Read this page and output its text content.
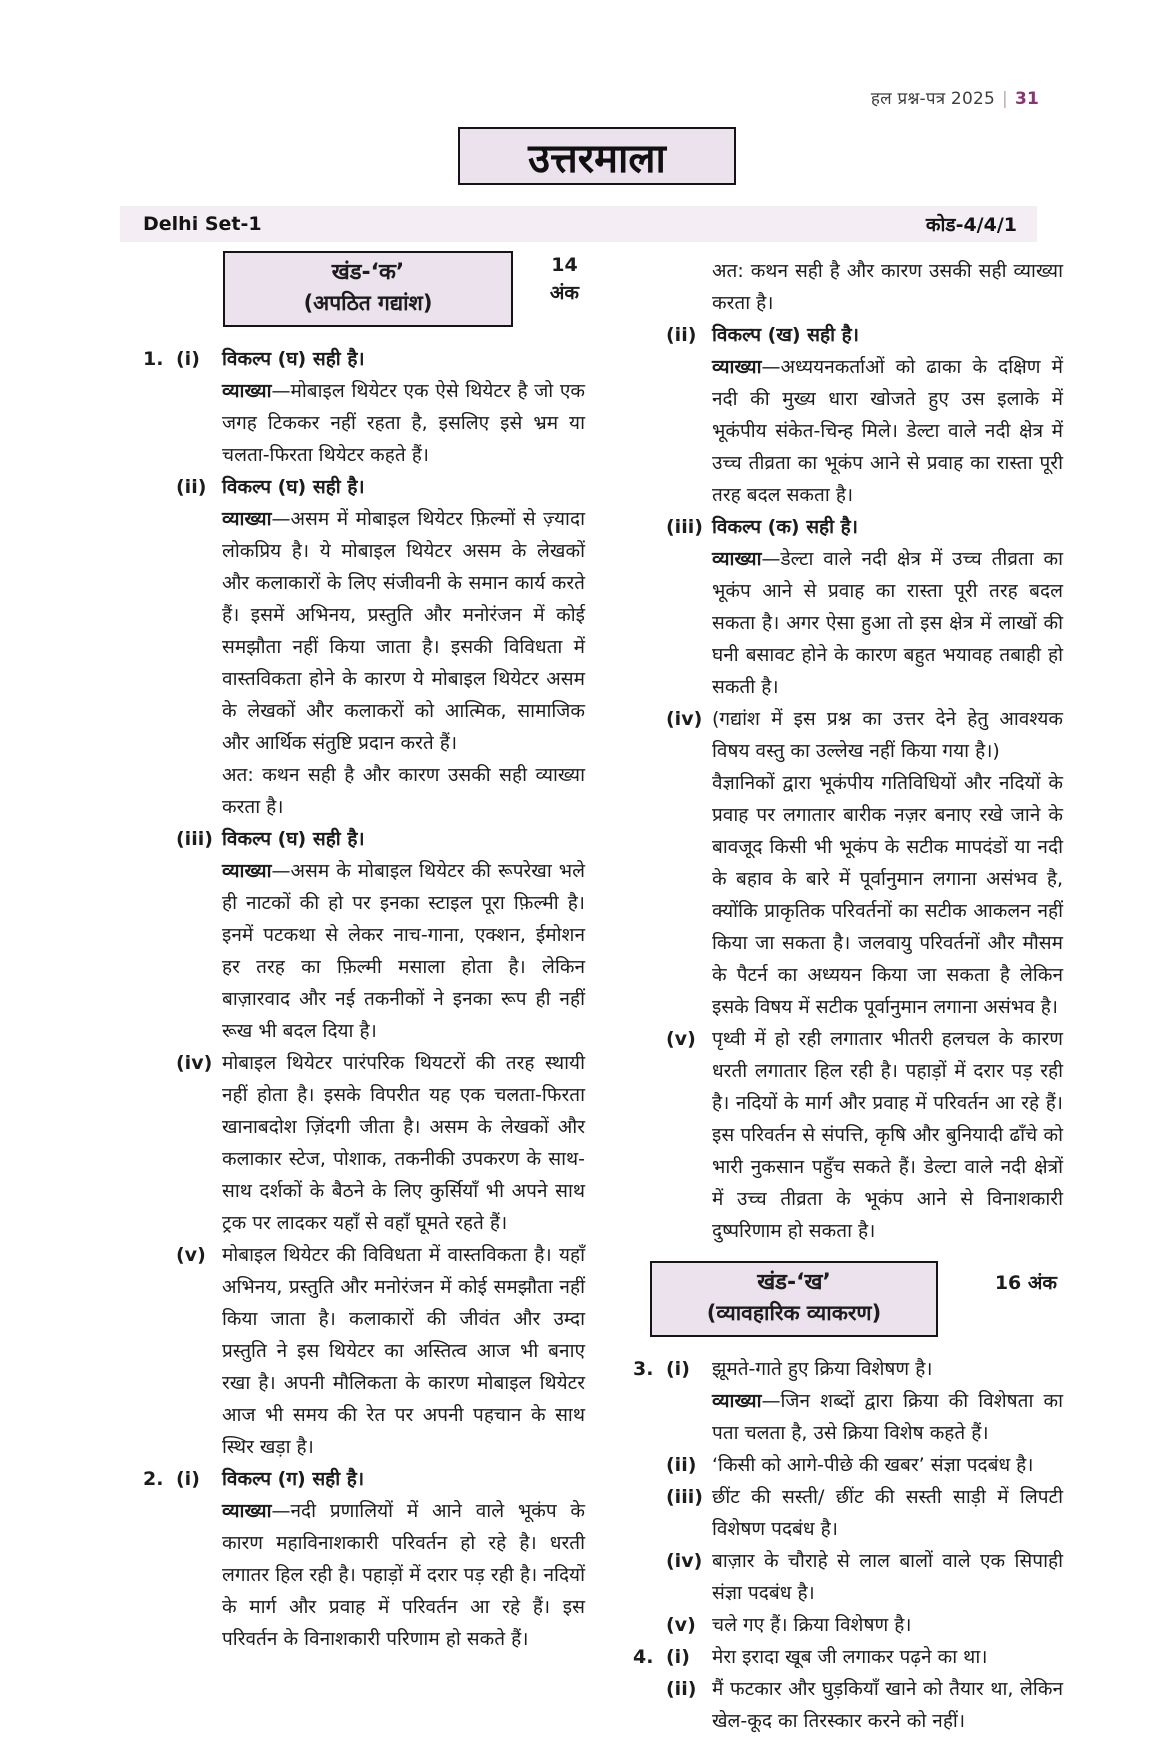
हल प्रश्न-पत्र 2025 | 31
उत्तरमाला
Delhi Set-1	कोड-4/4/1
खंड-‘क’
(अपठित गद्यांश)
14
अंक
1. (i)	विकल्प (घ) सही है।

व्याख्या—मोबाइल थियेटर एक ऐसे थियेटर है जो एक जगह टिककर नहीं रहता है, इसलिए इसे भ्रम या चलता-फिरता थियेटर कहते हैं।

(ii) विकल्प (घ) सही है।

व्याख्या—असम में मोबाइल थियेटर फ़िल्मों से ज़्यादा लोकप्रिय है। ये मोबाइल थियेटर असम के लेखकों और कलाकारों के लिए संजीवनी के समान कार्य करते हैं। इसमें अभिनय, प्रस्तुति और मनोरंजन में कोई समझौता नहीं किया जाता है। इसकी विविधता में वास्तविकता होने के कारण ये मोबाइल थियेटर असम के लेखकों और कलाकरों को आत्मिक, सामाजिक और आर्थिक संतुष्टि प्रदान करते हैं।

अत: कथन सही है और कारण उसकी सही व्याख्या करता है।

(iii) विकल्प (घ) सही है।

व्याख्या—असम के मोबाइल थियेटर की रूपरेखा भले ही नाटकों की हो पर इनका स्टाइल पूरा फ़िल्मी है। इनमें पटकथा से लेकर नाच-गाना, एक्शन, ईमोशन हर तरह का फ़िल्मी मसाला होता है। लेकिन बाज़ारवाद और नई तकनीकों ने इनका रूप ही नहीं रूख भी बदल दिया है।

(iv) मोबाइल थियेटर पारंपरिक थियटरों की तरह स्थायी नहीं होता है। इसके विपरीत यह एक चलता-फिरता खानाबदोश ज़िंदगी जीता है। असम के लेखकों और कलाकार स्टेज, पोशाक, तकनीकी उपकरण के साथ-साथ दर्शकों के बैठने के लिए कुर्सियाँ भी अपने साथ ट्रक पर लादकर यहाँ से वहाँ घूमते रहते हैं।

(v) मोबाइल थियेटर की विविधता में वास्तविकता है। यहाँ अभिनय, प्रस्तुति और मनोरंजन में कोई समझौता नहीं किया जाता है। कलाकारों की जीवंत और उम्दा प्रस्तुति ने इस थियेटर का अस्तित्व आज भी बनाए रखा है। अपनी मौलिकता के कारण मोबाइल थियेटर आज भी समय की रेत पर अपनी पहचान के साथ स्थिर खड़ा है।

2. (i)	विकल्प (ग) सही है।

व्याख्या—नदी प्रणालियों में आने वाले भूकंप के कारण महाविनाशकारी परिवर्तन हो रहे है। धरती लगातर हिल रही है। पहाड़ों में दरार पड़ रही है। नदियों के मार्ग और प्रवाह में परिवर्तन आ रहे हैं। इस परिवर्तन के विनाशकारी परिणाम हो सकते हैं।

अत: कथन सही है और कारण उसकी सही व्याख्या करता है।

(ii) विकल्प (ख) सही है।

व्याख्या—अध्ययनकर्ताओं को ढाका के दक्षिण में नदी की मुख्य धारा खोजते हुए उस इलाके में भूकंपीय संकेत-चिन्ह मिले। डेल्टा वाले नदी क्षेत्र में उच्च तीव्रता का भूकंप आने से प्रवाह का रास्ता पूरी तरह बदल सकता है।

(iii) विकल्प (क) सही है।

व्याख्या—डेल्टा वाले नदी क्षेत्र में उच्च तीव्रता का भूकंप आने से प्रवाह का रास्ता पूरी तरह बदल सकता है। अगर ऐसा हुआ तो इस क्षेत्र में लाखों की घनी बसावट होने के कारण बहुत भयावह तबाही हो सकती है।

(iv) (गद्यांश में इस प्रश्न का उत्तर देने हेतु आवश्यक विषय वस्तु का उल्लेख नहीं किया गया है।)

वैज्ञानिकों द्वारा भूकंपीय गतिविधियों और नदियों के प्रवाह पर लगातार बारीक नज़र बनाए रखे जाने के बावजूद किसी भी भूकंप के सटीक मापदंडों या नदी के बहाव के बारे में पूर्वानुमान लगाना असंभव है, क्योंकि प्राकृतिक परिवर्तनों का सटीक आकलन नहीं किया जा सकता है। जलवायु परिवर्तनों और मौसम के पैटर्न का अध्ययन किया जा सकता है लेकिन इसके विषय में सटीक पूर्वानुमान लगाना असंभव है।

(v) पृथ्वी में हो रही लगातार भीतरी हलचल के कारण धरती लगातार हिल रही है। पहाड़ों में दरार पड़ रही है। नदियों के मार्ग और प्रवाह में परिवर्तन आ रहे हैं। इस परिवर्तन से संपत्ति, कृषि और बुनियादी ढाँचे को भारी नुकसान पहुँच सकते हैं। डेल्टा वाले नदी क्षेत्रों में उच्च तीव्रता के भूकंप आने से विनाशकारी दुष्परिणाम हो सकता है।

खंड-‘ख’
(व्यावहारिक व्याकरण)
16 अंक
3. (i)	झूमते-गाते हुए क्रिया विशेषण है।

व्याख्या—जिन शब्दों द्वारा क्रिया की विशेषता का पता चलता है, उसे क्रिया विशेष कहते हैं।

(ii) ‘किसी को आगे-पीछे की खबर’ संज्ञा पदबंध है।

(iii) छींट की सस्ती/ छींट की सस्ती साड़ी में लिपटी विशेषण पदबंध है।

(iv) बाज़ार के चौराहे से लाल बालों वाले एक सिपाही संज्ञा पदबंध है।

(v) चले गए हैं। क्रिया विशेषण है।

4. (i)	मेरा इरादा खूब जी लगाकर पढ़ने का था।

(ii) मैं फटकार और घुड़कियाँ खाने को तैयार था, लेकिन खेल-कूद का तिरस्कार करने को नहीं।
